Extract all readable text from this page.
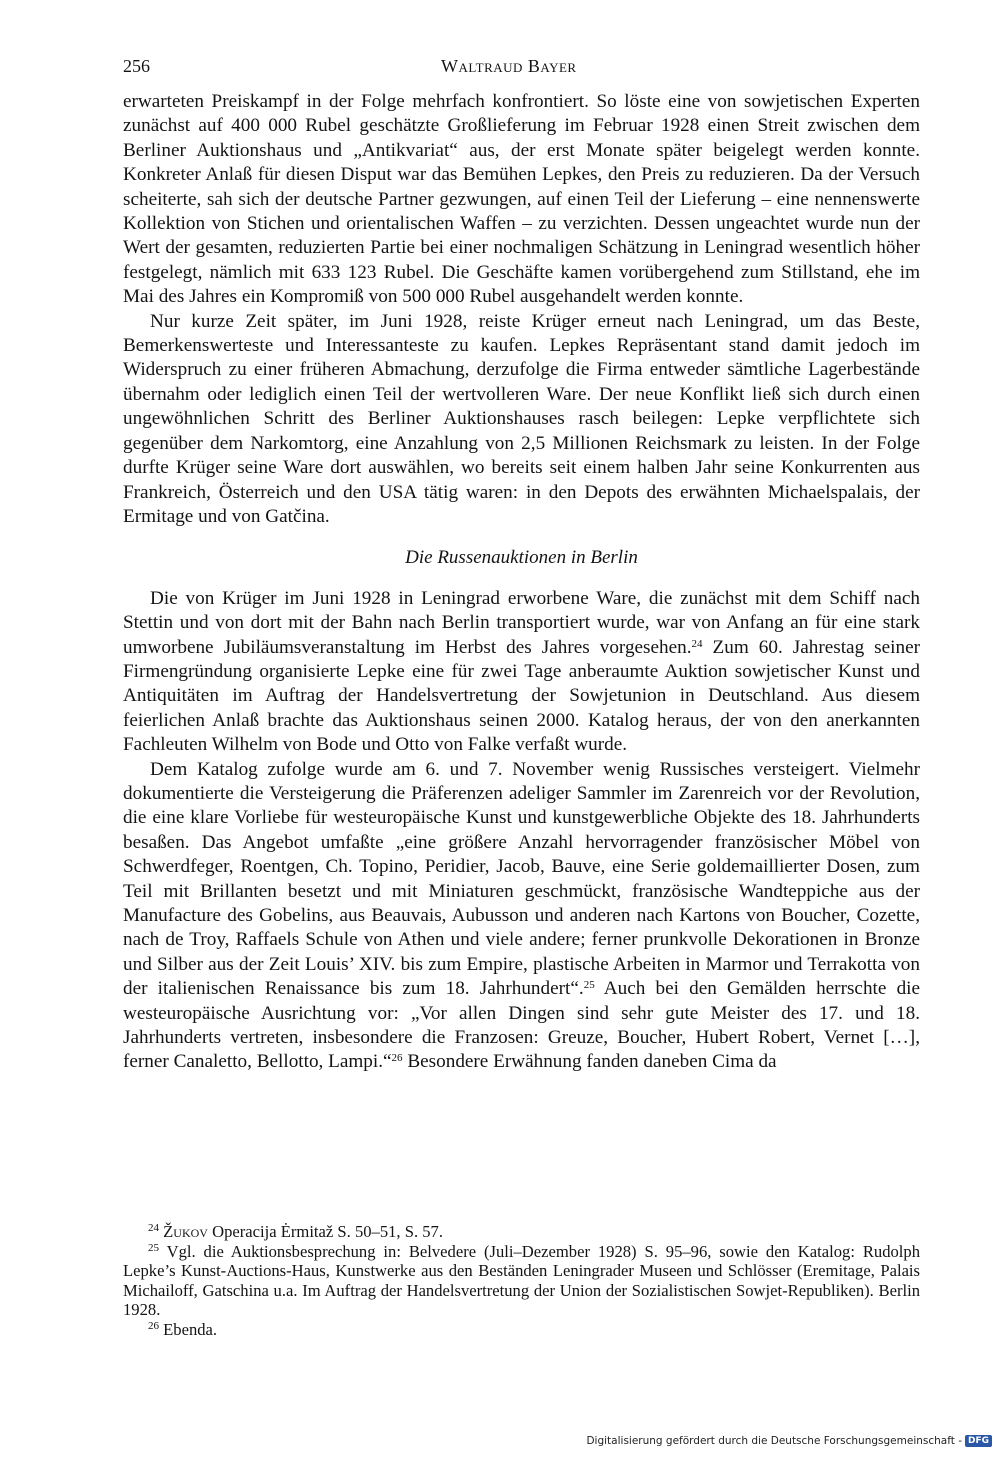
256	Waltraud Bayer

erwarteten Preiskampf in der Folge mehrfach konfrontiert. So löste eine von sowjetischen Experten zunächst auf 400 000 Rubel geschätzte Großlieferung im Februar 1928 einen Streit zwischen dem Berliner Auktionshaus und „Antikvariat“ aus, der erst Monate später beigelegt werden konnte. Konkreter Anlaß für diesen Disput war das Bemühen Lepkes, den Preis zu reduzieren. Da der Versuch scheiterte, sah sich der deutsche Partner gezwungen, auf einen Teil der Lieferung – eine nennenswerte Kollektion von Stichen und orientalischen Waffen – zu verzichten. Dessen ungeachtet wurde nun der Wert der gesamten, reduzierten Partie bei einer nochmaligen Schätzung in Leningrad wesentlich höher festgelegt, nämlich mit 633 123 Rubel. Die Geschäfte kamen vorübergehend zum Stillstand, ehe im Mai des Jahres ein Kompromiß von 500 000 Rubel ausgehandelt werden konnte.

Nur kurze Zeit später, im Juni 1928, reiste Krüger erneut nach Leningrad, um das Beste, Bemerkenswerteste und Interessanteste zu kaufen. Lepkes Repräsentant stand damit jedoch im Widerspruch zu einer früheren Abmachung, derzufolge die Firma entweder sämtliche Lagerbestände übernahm oder lediglich einen Teil der wertvolleren Ware. Der neue Konflikt ließ sich durch einen ungewöhnlichen Schritt des Berliner Auktionshauses rasch beilegen: Lepke verpflichtete sich gegenüber dem Narkomtorg, eine Anzahlung von 2,5 Millionen Reichsmark zu leisten. In der Folge durfte Krüger seine Ware dort auswählen, wo bereits seit einem halben Jahr seine Konkurrenten aus Frankreich, Österreich und den USA tätig waren: in den Depots des erwähnten Michaelspalais, der Ermitage und von Gatčina.

Die Russenauktionen in Berlin

Die von Krüger im Juni 1928 in Leningrad erworbene Ware, die zunächst mit dem Schiff nach Stettin und von dort mit der Bahn nach Berlin transportiert wurde, war von Anfang an für eine stark umworbene Jubiläumsveranstaltung im Herbst des Jahres vorgesehen.$^{24}$ Zum 60. Jahrestag seiner Firmengründung organisierte Lepke eine für zwei Tage anberaumte Auktion sowjetischer Kunst und Antiquitäten im Auftrag der Handelsvertretung der Sowjetunion in Deutschland. Aus diesem feierlichen Anlaß brachte das Auktionshaus seinen 2000. Katalog heraus, der von den anerkannten Fachleuten Wilhelm von Bode und Otto von Falke verfaßt wurde.

Dem Katalog zufolge wurde am 6. und 7. November wenig Russisches versteigert. Vielmehr dokumentierte die Versteigerung die Präferenzen adeliger Sammler im Zarenreich vor der Revolution, die eine klare Vorliebe für westeuropäische Kunst und kunstgewerbliche Objekte des 18. Jahrhunderts besaßen. Das Angebot umfaßte „eine größere Anzahl hervorragender französischer Möbel von Schwerdfeger, Roentgen, Ch. Topino, Peridier, Jacob, Bauve, eine Serie goldemaillierter Dosen, zum Teil mit Brillanten besetzt und mit Miniaturen geschmückt, französische Wandteppiche aus der Manufacture des Gobelins, aus Beauvais, Aubusson und anderen nach Kartons von Boucher, Cozette, nach de Troy, Raffaels Schule von Athen und viele andere; ferner prunkvolle Dekorationen in Bronze und Silber aus der Zeit Louis’ XIV. bis zum Empire, plastische Arbeiten in Marmor und Terrakotta von der italienischen Renaissance bis zum 18. Jahrhundert“.$^{25}$ Auch bei den Gemälden herrschte die westeuropäische Ausrichtung vor: „Vor allen Dingen sind sehr gute Meister des 17. und 18. Jahrhunderts vertreten, insbesondere die Franzosen: Greuze, Boucher, Hubert Robert, Vernet […], ferner Canaletto, Bellotto, Lampi.“$^{26}$ Besondere Erwähnung fanden daneben Cima da

$^{24}$ Žukov Operacija Ėrmitaž S. 50–51, S. 57.

$^{25}$ Vgl. die Auktionsbesprechung in: Belvedere (Juli–Dezember 1928) S. 95–96, sowie den Katalog: Rudolph Lepke’s Kunst-Auctions-Haus, Kunstwerke aus den Beständen Leningrader Museen und Schlösser (Eremitage, Palais Michailoff, Gatschina u.a. Im Auftrag der Handelsvertretung der Union der Sozialistischen Sowjet-Republiken). Berlin 1928.

$^{26}$ Ebenda.

Digitalisierung gefördert durch die Deutsche Forschungsgemeinschaft - DFG
